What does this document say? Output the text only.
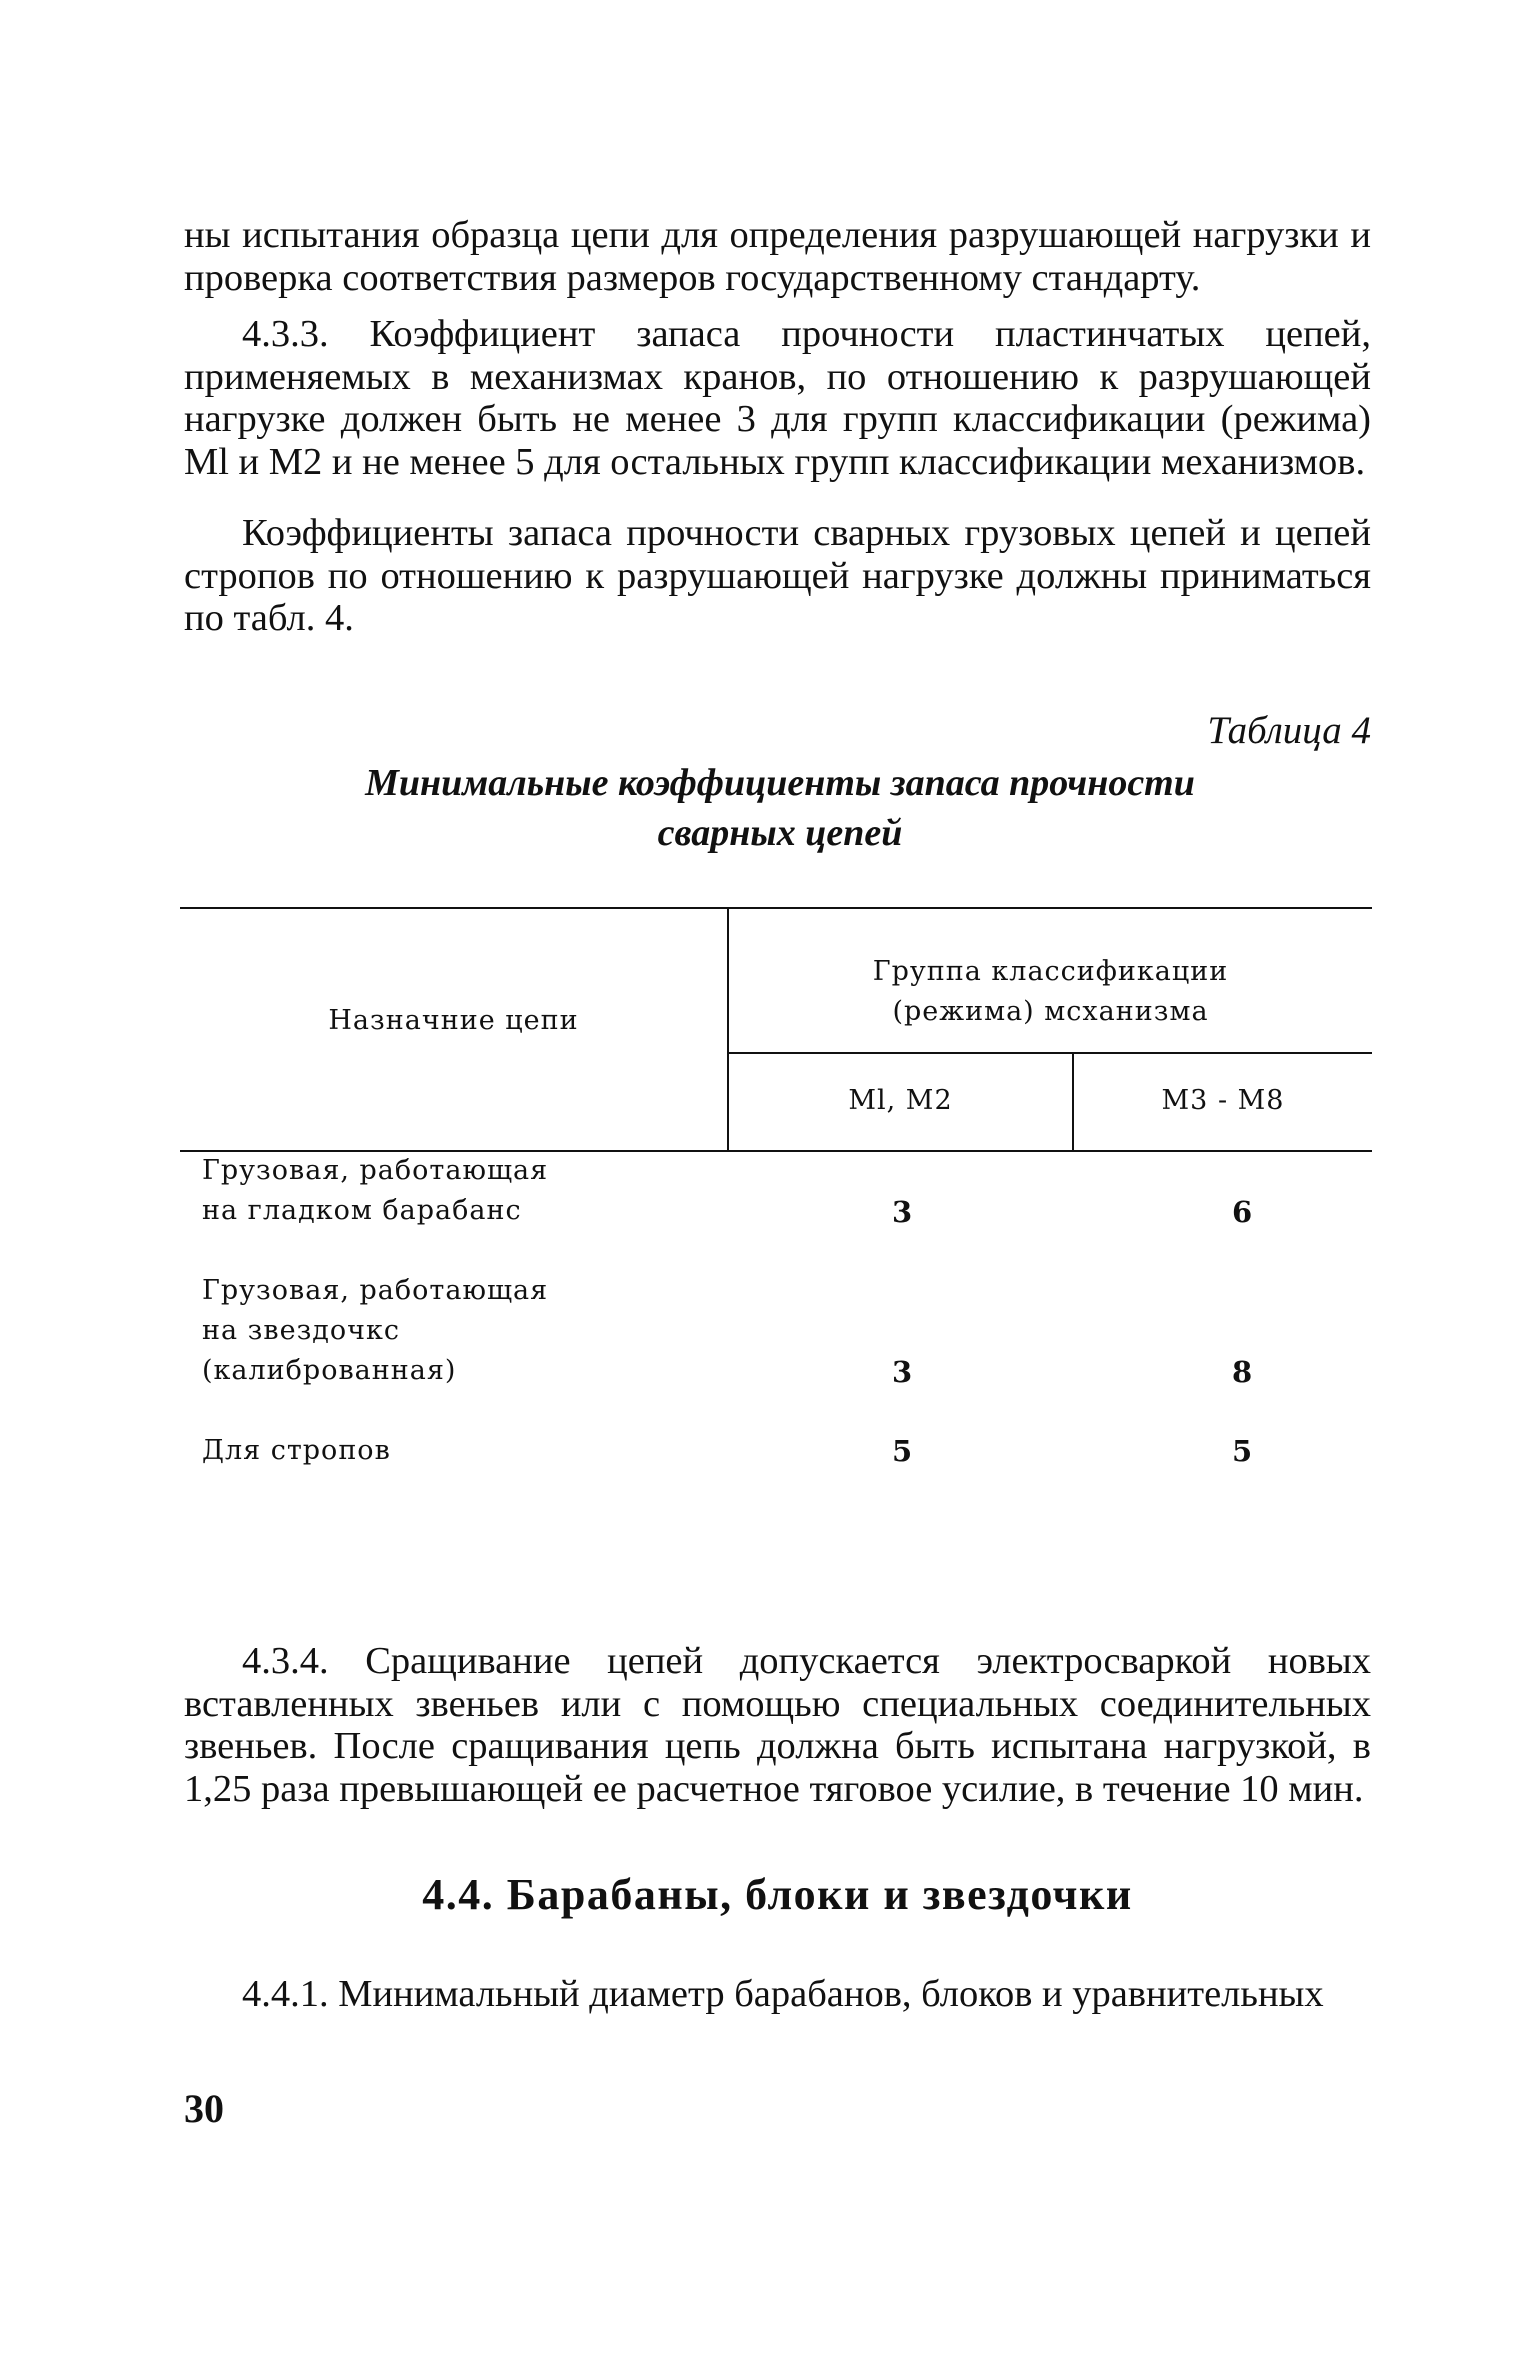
ны испытания образца цепи для определения разрушающей нагрузки и проверка соответствия размеров государственному стандарту.

4.3.3. Коэффициент запаса прочности пластинчатых цепей, применяемых в механизмах кранов, по отношению к разрушающей нагрузке должен быть не менее 3 для групп классификации (режима) Ml и М2 и не менее 5 для остальных групп классификации механизмов.

Коэффициенты запаса прочности сварных грузовых цепей и цепей стропов по отношению к разрушающей нагрузке должны приниматься по табл. 4.

Таблица 4

Минимальные коэффициенты запаса прочности
сварных цепей
Назначние цепи
Группа классификации
(режима) мсханизма
Ml, М2	М3 - М8
Грузовая, работающая
на гладком барабанс	3	6
Грузовая, работающая
на звездочкс
(калиброванная)	3	8
Для стропов	5	5

4.3.4. Сращивание цепей допускается электросваркой новых вставленных звеньев или с помощью специальных соединительных звеньев. После сращивания цепь должна быть испытана нагрузкой, в 1,25 раза превышающей ее расчетное тяговое усилие, в течение 10 мин.

4.4. Барабаны, блоки и звездочки

4.4.1. Минимальный диаметр барабанов, блоков и уравнительных

30
